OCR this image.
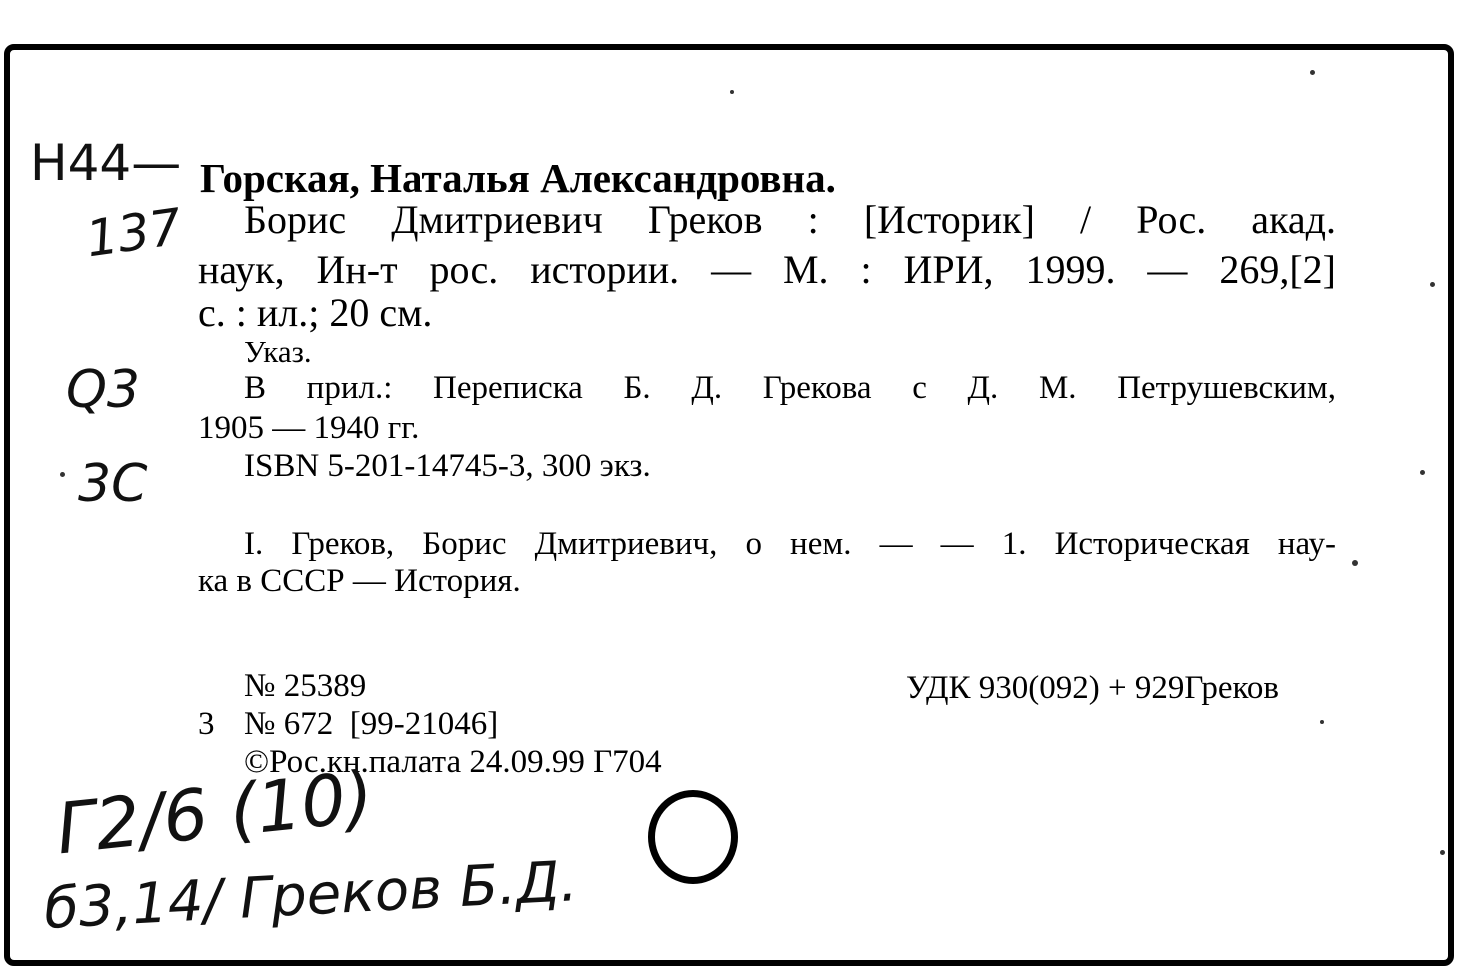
Н44—
137
Q3
3C
Горская, Наталья Александровна.
Борис Дмитриевич Греков : [Историк] / Рос. акад.
наук, Ин-т рос. истории. — М. : ИРИ, 1999. — 269,[2]
с. : ил.; 20 см.
Указ.
В прил.: Переписка Б. Д. Грекова с Д. М. Петрушевским,
1905 — 1940 гг.
ISBN 5-201-14745-3, 300 экз.
I. Греков, Борис Дмитриевич, о нем. — — 1. Историческая нау-
ка в СССР — История.
№ 25389	УДК 930(092) + 929Греков
3 № 672  [99-21046]
©Рос.кн.палата 24.09.99 Г704
Г2/6 (10)
б3,14/ Греков Б.Д.
